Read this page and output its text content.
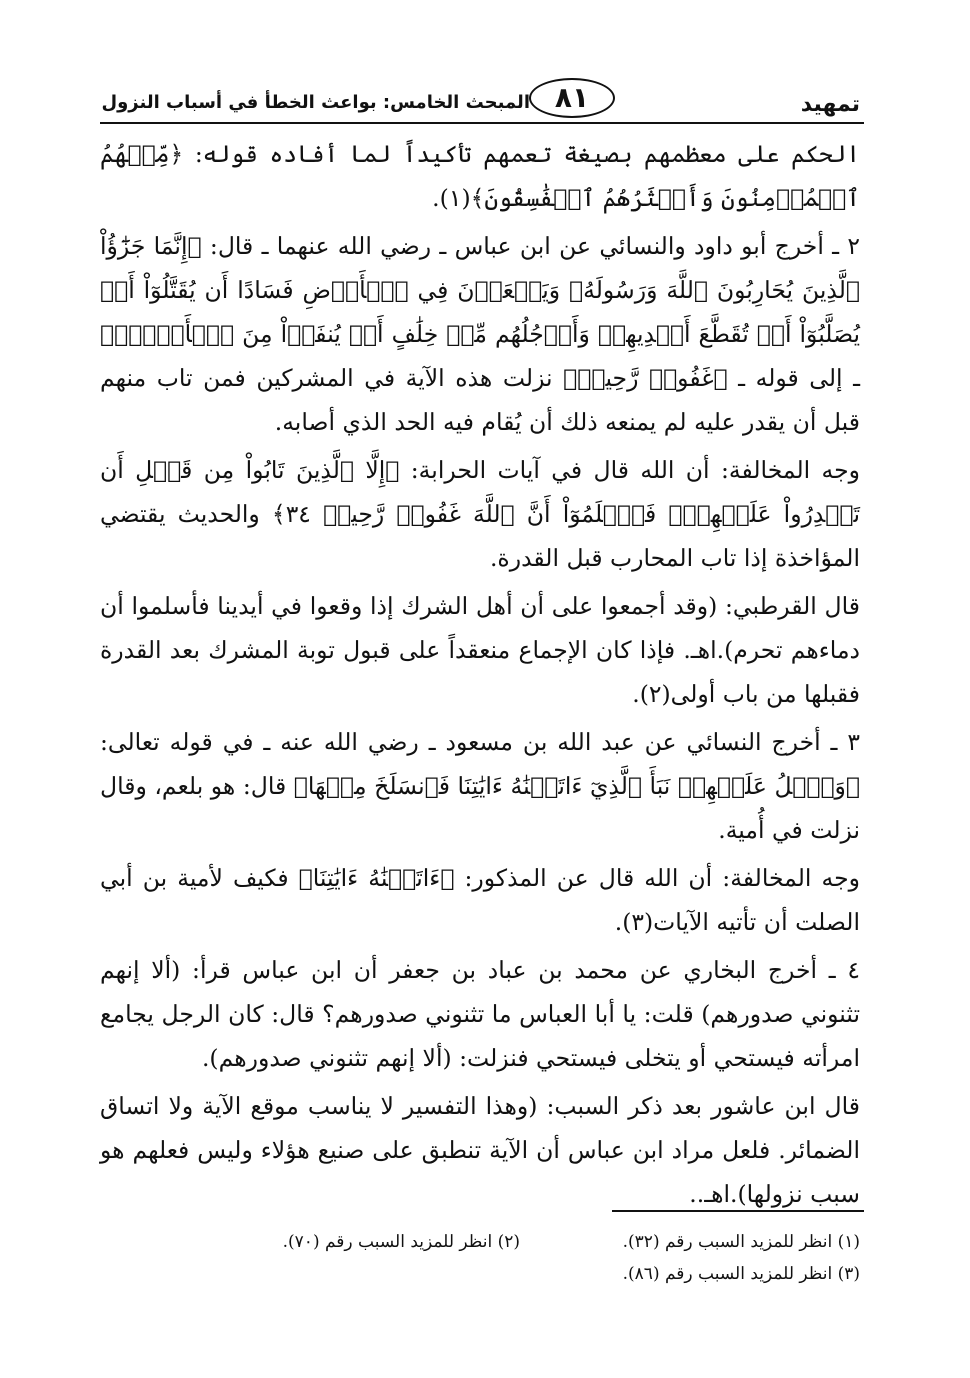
تمهيد
٨١
المبحث الخامس: بواعث الخطأ في أسباب النزول

الحكم على معظمهم بصيغة تعمهم تأكيداً لما أفاده قوله: ﴿مِّنۡهُمُ ٱلۡمُؤۡمِنُونَ وَأَكۡثَرُهُمُ ٱلۡفَٰسِقُونَ﴾(١).

٢ ـ أخرج أبو داود والنسائي عن ابن عباس ـ رضي الله عنهما ـ قال: ﴿إِنَّمَا جَزَٰٓؤُاْ ٱلَّذِينَ يُحَارِبُونَ ٱللَّهَ وَرَسُولَهُۥ وَيَسۡعَوۡنَ فِي ٱلۡأَرۡضِ فَسَادًا أَن يُقَتَّلُوٓاْ أَوۡ يُصَلَّبُوٓاْ أَوۡ تُقَطَّعَ أَيۡدِيهِمۡ وَأَرۡجُلُهُم مِّنۡ خِلَٰفٍ أَوۡ يُنفَوۡاْ مِنَ ٱلۡأَرۡضِۚ﴾ ـ إلى قوله ـ ﴿غَفُورٞ رَّحِيمٞ﴾ نزلت هذه الآية في المشركين فمن تاب منهم قبل أن يقدر عليه لم يمنعه ذلك أن يُقام فيه الحد الذي أصابه.

وجه المخالفة: أن الله قال في آيات الحرابة: ﴿إِلَّا ٱلَّذِينَ تَابُواْ مِن قَبۡلِ أَن تَقۡدِرُواْ عَلَيۡهِمۡۖ فَٱعۡلَمُوٓاْ أَنَّ ٱللَّهَ غَفُورٞ رَّحِيمٞ ٣٤﴾ والحديث يقتضي المؤاخذة إذا تاب المحارب قبل القدرة.

قال القرطبي: (وقد أجمعوا على أن أهل الشرك إذا وقعوا في أيدينا فأسلموا أن دماءهم تحرم).اهـ. فإذا كان الإجماع منعقداً على قبول توبة المشرك بعد القدرة فقبلها من باب أولى(٢).

٣ ـ أخرج النسائي عن عبد الله بن مسعود ـ رضي الله عنه ـ في قوله تعالى: ﴿وَٱتۡلُ عَلَيۡهِمۡ نَبَأَ ٱلَّذِيٓ ءَاتَيۡنَٰهُ ءَايَٰتِنَا فَٱنسَلَخَ مِنۡهَا﴾ قال: هو بلعم، وقال نزلت في أُمية.

وجه المخالفة: أن الله قال عن المذكور: ﴿ءَاتَيۡنَٰهُ ءَايَٰتِنَا﴾ فكيف لأمية بن أبي الصلت أن تأتيه الآيات(٣).

٤ ـ أخرج البخاري عن محمد بن عباد بن جعفر أن ابن عباس قرأ: (ألا إنهم تثنوني صدورهم) قلت: يا أبا العباس ما تثنوني صدورهم؟ قال: كان الرجل يجامع امرأته فيستحي أو يتخلى فيستحي فنزلت: (ألا إنهم تثنوني صدورهم).

قال ابن عاشور بعد ذكر السبب: (وهذا التفسير لا يناسب موقع الآية ولا اتساق الضمائر. فلعل مراد ابن عباس أن الآية تنطبق على صنيع هؤلاء وليس فعلهم هو سبب نزولها).اهـ..

(١) انظر للمزيد السبب رقم (٣٢).
(٢) انظر للمزيد السبب رقم (٧٠).
(٣) انظر للمزيد السبب رقم (٨٦).
